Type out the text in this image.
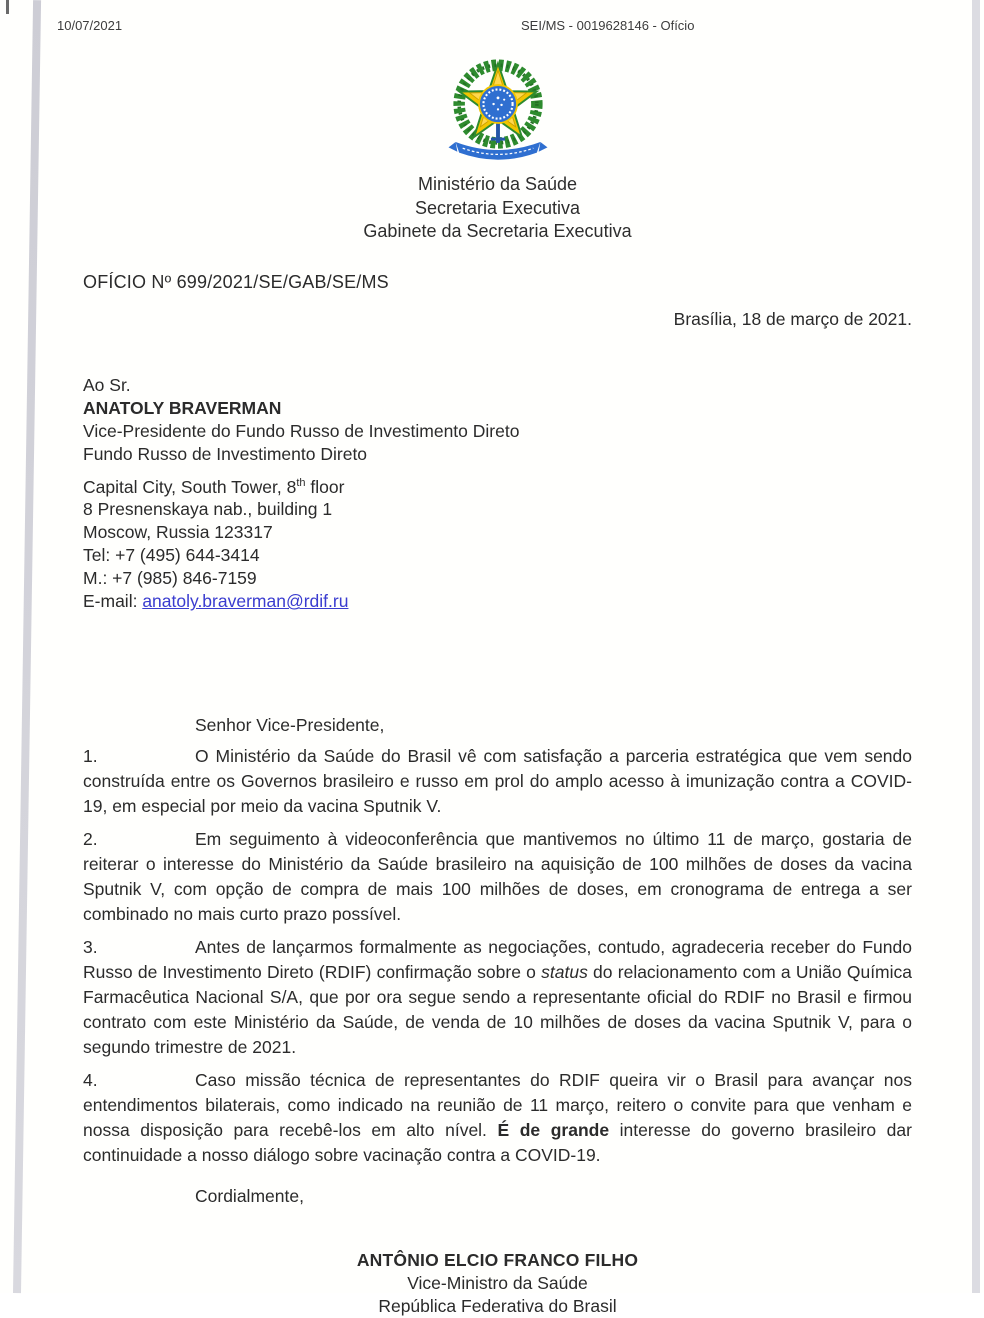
10/07/2021	SEI/MS - 0019628146 - Ofício
Ministério da Saúde
Secretaria Executiva
Gabinete da Secretaria Executiva
OFÍCIO Nº 699/2021/SE/GAB/SE/MS
Brasília, 18 de março de 2021.
Ao Sr.
ANATOLY BRAVERMAN
Vice-Presidente do Fundo Russo de Investimento Direto
Fundo Russo de Investimento Direto
Capital City, South Tower, 8th floor
8 Presnenskaya nab., building 1
Moscow, Russia 123317
Tel: +7 (495) 644-3414
M.: +7 (985) 846-7159
E-mail: anatoly.braverman@rdif.ru
Senhor Vice-Presidente,

1.	O Ministério da Saúde do Brasil vê com satisfação a parceria estratégica que vem sendo construída entre os Governos brasileiro e russo em prol do amplo acesso à imunização contra a COVID-19, em especial por meio da vacina Sputnik V.

2.	Em seguimento à videoconferência que mantivemos no último 11 de março, gostaria de reiterar o interesse do Ministério da Saúde brasileiro na aquisição de 100 milhões de doses da vacina Sputnik V, com opção de compra de mais 100 milhões de doses, em cronograma de entrega a ser combinado no mais curto prazo possível.

3.	Antes de lançarmos formalmente as negociações, contudo, agradeceria receber do Fundo Russo de Investimento Direto (RDIF) confirmação sobre o status do relacionamento com a União Química Farmacêutica Nacional S/A, que por ora segue sendo a representante oficial do RDIF no Brasil e firmou contrato com este Ministério da Saúde, de venda de 10 milhões de doses da vacina Sputnik V, para o segundo trimestre de 2021.

4.	Caso missão técnica de representantes do RDIF queira vir o Brasil para avançar nos entendimentos bilaterais, como indicado na reunião de 11 março, reitero o convite para que venham e nossa disposição para recebê-los em alto nível. É de grande interesse do governo brasileiro dar continuidade a nosso diálogo sobre vacinação contra a COVID-19.

Cordialmente,
ANTÔNIO ELCIO FRANCO FILHO
Vice-Ministro da Saúde
República Federativa do Brasil
